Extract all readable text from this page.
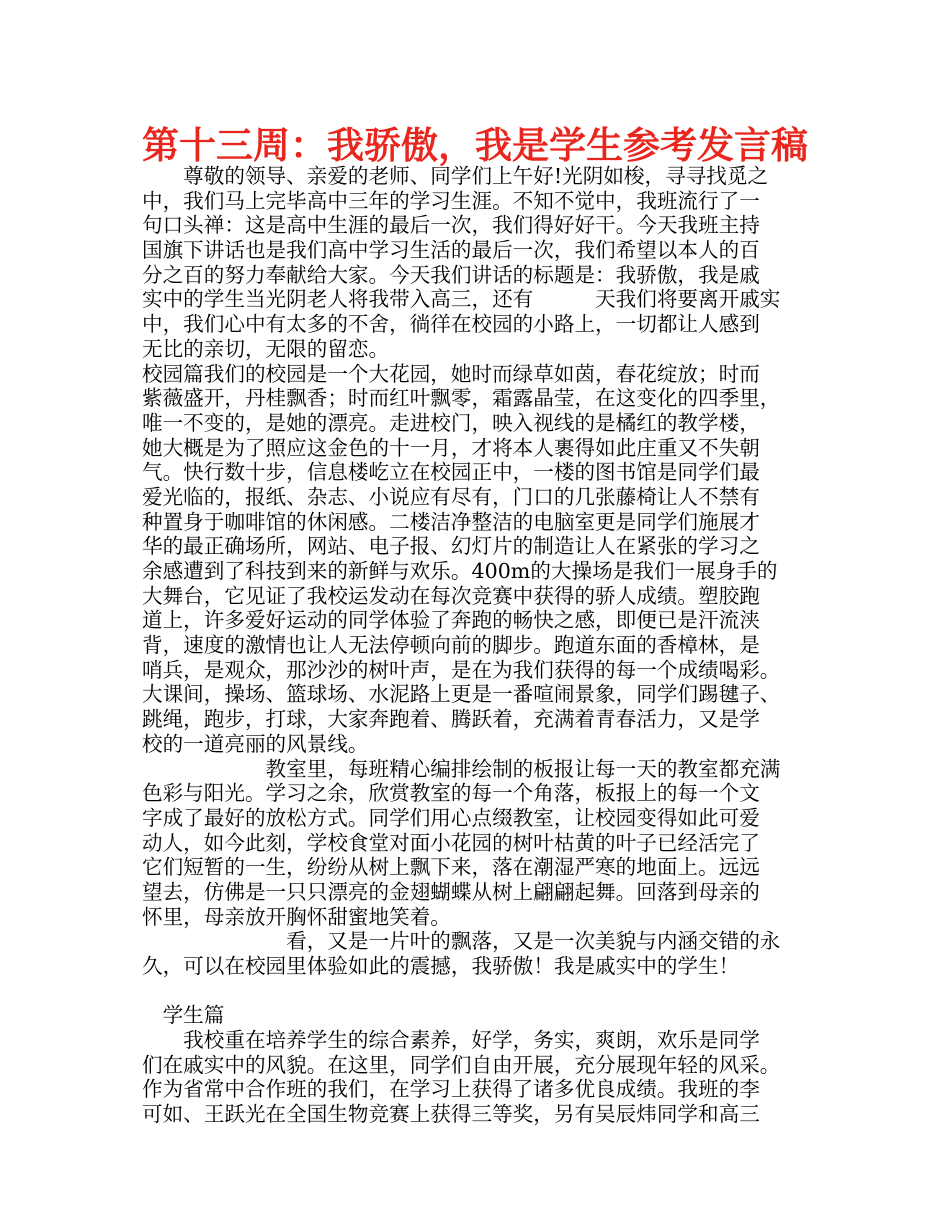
第十三周：我骄傲，我是学生参考发言稿
　　尊敬的领导、亲爱的老师、同学们上午好!光阴如梭，寻寻找觅之
中，我们马上完毕高中三年的学习生涯。不知不觉中，我班流行了一
句口头禅：这是高中生涯的最后一次，我们得好好干。今天我班主持
国旗下讲话也是我们高中学习生活的最后一次，我们希望以本人的百
分之百的努力奉献给大家。今天我们讲话的标题是：我骄傲，我是戚
实中的学生当光阴老人将我带入高三，还有　　　天我们将要离开戚实
中，我们心中有太多的不舍，徜徉在校园的小路上，一切都让人感到
无比的亲切，无限的留恋。
校园篇我们的校园是一个大花园，她时而绿草如茵，春花绽放；时而
紫薇盛开，丹桂飘香；时而红叶飘零，霜露晶莹，在这变化的四季里，
唯一不变的，是她的漂亮。走进校门，映入视线的是橘红的教学楼，
她大概是为了照应这金色的十一月，才将本人裹得如此庄重又不失朝
气。快行数十步，信息楼屹立在校园正中，一楼的图书馆是同学们最
爱光临的，报纸、杂志、小说应有尽有，门口的几张藤椅让人不禁有
种置身于咖啡馆的休闲感。二楼洁净整洁的电脑室更是同学们施展才
华的最正确场所，网站、电子报、幻灯片的制造让人在紧张的学习之
余感遭到了科技到来的新鲜与欢乐。400m的大操场是我们一展身手的
大舞台，它见证了我校运发动在每次竞赛中获得的骄人成绩。塑胶跑
道上，许多爱好运动的同学体验了奔跑的畅快之感，即便已是汗流浃
背，速度的激情也让人无法停顿向前的脚步。跑道东面的香樟林，是
哨兵，是观众，那沙沙的树叶声，是在为我们获得的每一个成绩喝彩。
大课间，操场、篮球场、水泥路上更是一番喧闹景象，同学们踢毽子、
跳绳，跑步，打球，大家奔跑着、腾跃着，充满着青春活力，又是学
校的一道亮丽的风景线。
　　　　　　教室里，每班精心编排绘制的板报让每一天的教室都充满
色彩与阳光。学习之余，欣赏教室的每一个角落，板报上的每一个文
字成了最好的放松方式。同学们用心点缀教室，让校园变得如此可爱
动人，如今此刻，学校食堂对面小花园的树叶枯黄的叶子已经活完了
它们短暂的一生，纷纷从树上飘下来，落在潮湿严寒的地面上。远远
望去，仿佛是一只只漂亮的金翅蝴蝶从树上翩翩起舞。回落到母亲的
怀里，母亲放开胸怀甜蜜地笑着。
　　　　　　　看，又是一片叶的飘落，又是一次美貌与内涵交错的永
久，可以在校园里体验如此的震撼，我骄傲！我是戚实中的学生！
　学生篇
　　我校重在培养学生的综合素养，好学，务实，爽朗，欢乐是同学
们在戚实中的风貌。在这里，同学们自由开展，充分展现年轻的风采。
作为省常中合作班的我们，在学习上获得了诸多优良成绩。我班的李
可如、王跃光在全国生物竞赛上获得三等奖，另有吴辰炜同学和高三
